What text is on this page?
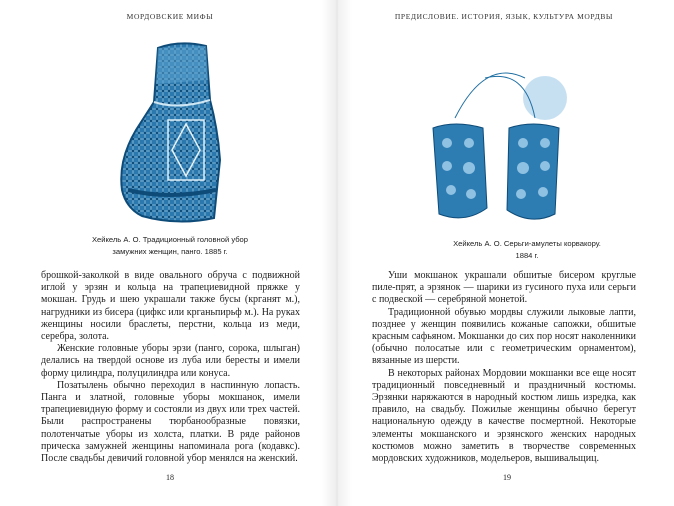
МОРДОВСКИЕ МИФЫ
Хейкель А. О. Традиционный головной убор
замужних женщин, панго. 1885 г.

брошкой-заколкой в виде овального обруча с подвижной иглой у эрзян и кольца на трапециевидной пряжке у мокшан. Грудь и шею украшали также бусы (крганят м.), нагрудники из бисера (цифкс или крганьпирьф м.). На руках женщины носили браслеты, перстни, кольца из меди, серебра, золота.

Женские головные уборы эрзи (панго, сорока, шлыган) делались на твердой основе из луба или бересты и имели форму цилиндра, полуцилиндра или конуса.

Позатылень обычно переходил в наспинную лопасть. Панга и златной, головные уборы мокшанок, имели трапециевидную форму и состояли из двух или трех частей. Были распространены тюрбанообразные повязки, полотенчатые уборы из холста, платки. В ряде районов прическа замужней женщины напоминала рога (кодавкс). После свадьбы девичий головной убор менялся на женский.

18
ПРЕДИСЛОВИЕ. ИСТОРИЯ, ЯЗЫК, КУЛЬТУРА МОРДВЫ
Хейкель А. О. Серьги-амулеты корвакору.
1884 г.

Уши мокшанок украшали обшитые бисером круглые пиле-прят, а эрзянок — шарики из гусиного пуха или серьги с подвеской — серебряной монетой.

Традиционной обувью мордвы служили лыковые лапти, позднее у женщин появились кожаные сапожки, обшитые красным сафьяном. Мокшанки до сих пор носят наколенники (обычно полосатые или с геометрическим орнаментом), вязанные из шерсти.

В некоторых районах Мордовии мокшанки все еще носят традиционный повседневный и праздничный костюмы. Эрзянки наряжаются в народный костюм лишь изредка, как правило, на свадьбу. Пожилые женщины обычно берегут национальную одежду в качестве посмертной. Некоторые элементы мокшанского и эрзянского женских народных костюмов можно заметить в творчестве современных мордовских художников, модельеров, вышивальщиц.

19
